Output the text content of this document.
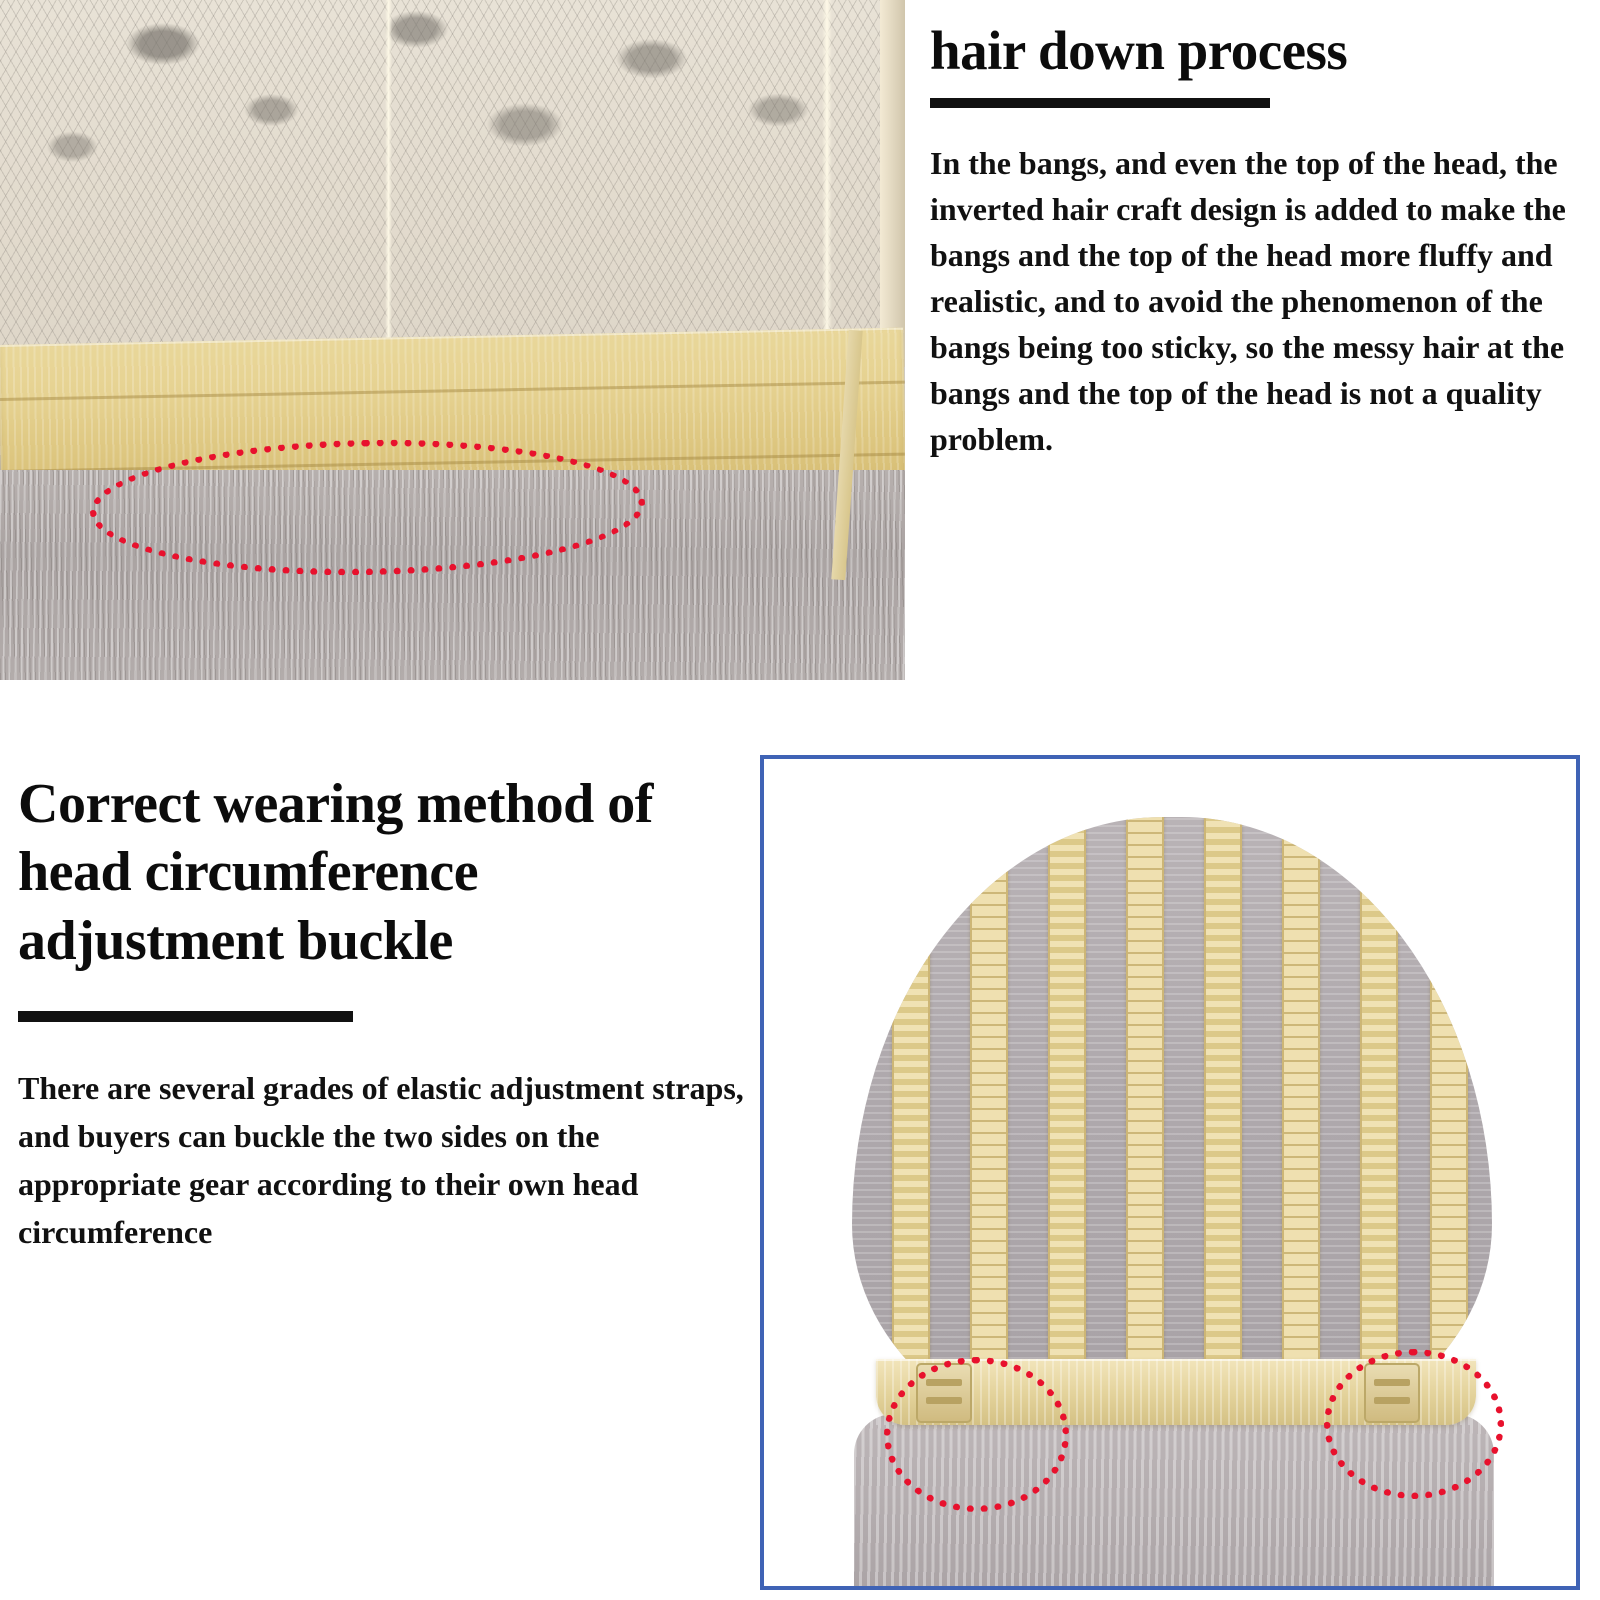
hair down process

In the bangs, and even the top of the head, the inverted hair craft design is added to make the bangs and the top of the head more fluffy and realistic, and to avoid the phenomenon of the bangs being too sticky, so the messy hair at the bangs and the top of the head is not a quality problem.

Correct wearing method of head circumference adjustment buckle

There are several grades of elastic adjustment straps, and buyers can buckle the two sides on the appropriate gear according to their own head circumference
